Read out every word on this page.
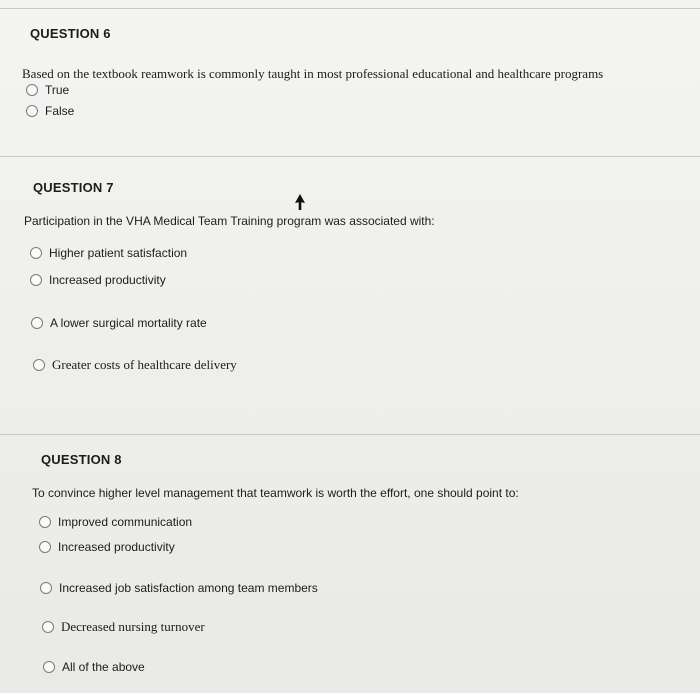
QUESTION 6
Based on the textbook reamwork is commonly taught in most professional educational and healthcare programs
True
False
QUESTION 7
Participation in the VHA Medical Team Training program was associated with:
Higher patient satisfaction
Increased productivity
A lower surgical mortality rate
Greater costs of healthcare delivery
QUESTION 8
To convince higher level management that teamwork is worth the effort, one should point to:
Improved communication
Increased productivity
Increased job satisfaction among team members
Decreased nursing turnover
All of the above
